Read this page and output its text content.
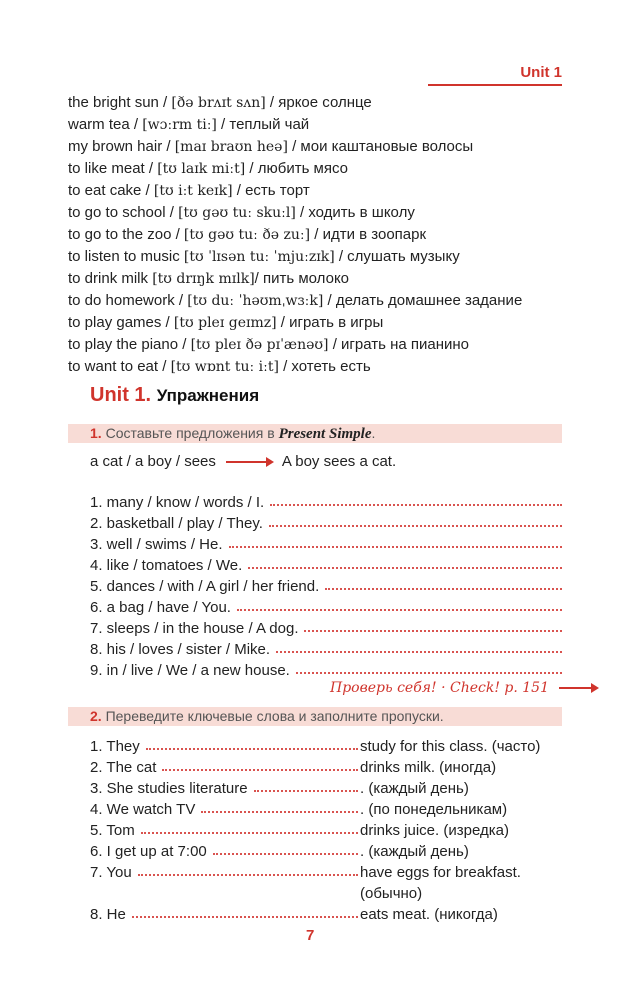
Unit 1
the bright sun / [ðə brʌɪt sʌn] / яркое солнце
warm tea / [wɔːrm tiː] / теплый чай
my brown hair / [maɪ braʊn heə] / мои каштановые волосы
to like meat / [tʊ laɪk miːt] / любить мясо
to eat cake / [tʊ iːt keɪk] / есть торт
to go to school / [tʊ gəʊ tuː skuːl] / ходить в школу
to go to the zoo / [tʊ gəʊ tuː ðə zuː] / идти в зоопарк
to listen to music [tʊ ˈlɪsən tuː ˈmjuːzɪk] / слушать музыку
to drink milk [tʊ drɪŋk mɪlk]/ пить молоко
to do homework / [tʊ duː ˈhəʊmˌwɜːk] / делать домашнее задание
to play games / [tʊ pleɪ geɪmz] / играть в игры
to play the piano / [tʊ pleɪ ðə pɪˈænəʊ] / играть на пианино
to want to eat / [tʊ wɒnt tuː iːt] / хотеть есть
Unit 1. Упражнения
1. Составьте предложения в Present Simple.
a cat / a boy / sees	A boy sees a cat.
1. many / know / words / I.
2. basketball / play / They.
3. well / swims / He.
4. like / tomatoes / We.
5. dances / with / A girl / her friend.
6. a bag / have / You.
7. sleeps / in the house / A dog.
8. his / loves / sister / Mike.
9. in / live / We / a new house.
Проверь себя! · Check! p. 151
2. Переведите ключевые слова и заполните пропуски.
1. They	study for this class. (часто)
2. The cat	drinks milk. (иногда)
3. She studies literature	. (каждый день)
4. We watch TV	. (по понедельникам)
5. Tom	drinks juice. (изредка)
6. I get up at 7:00	. (каждый день)
7. You	have eggs for breakfast.
(обычно)
8. He	eats meat. (никогда)
7
